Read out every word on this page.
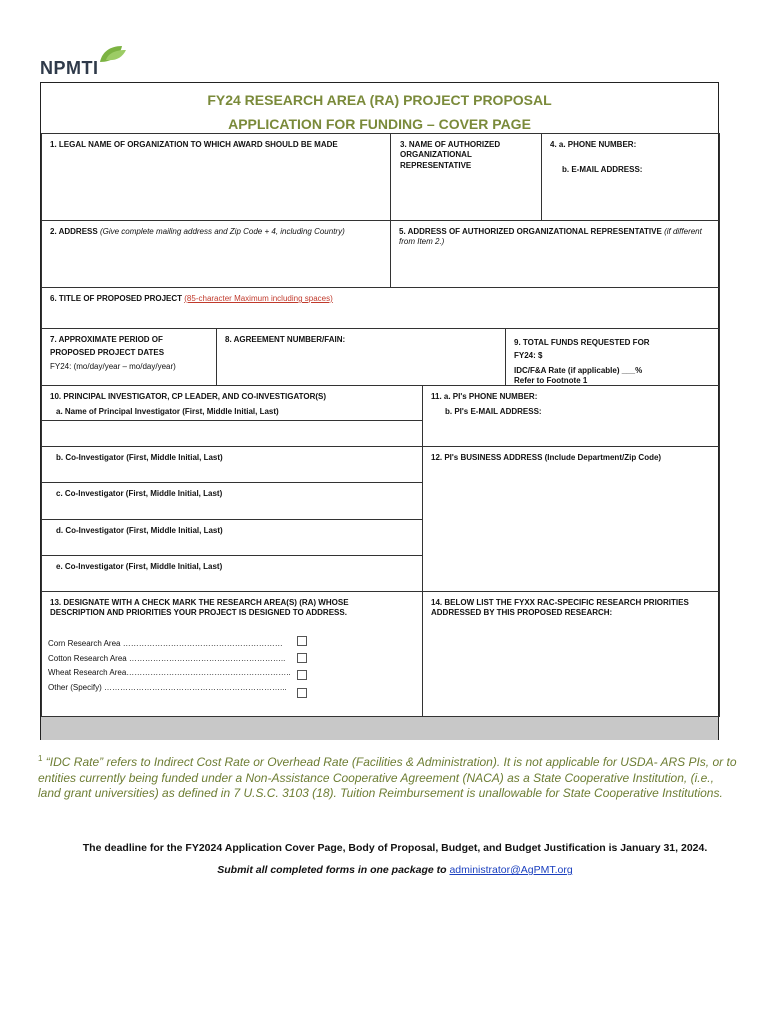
NPMTI
FY24 RESEARCH AREA (RA) PROJECT PROPOSAL
APPLICATION FOR FUNDING – COVER PAGE
1. LEGAL NAME OF ORGANIZATION TO WHICH AWARD SHOULD BE MADE	3. NAME OF AUTHORIZED ORGANIZATIONAL REPRESENTATIVE
4. a. PHONE NUMBER:
b. E-MAIL ADDRESS:
2. ADDRESS (Give complete mailing address and Zip Code + 4, including Country)	5. ADDRESS OF AUTHORIZED ORGANIZATIONAL REPRESENTATIVE (if different from Item 2.)
6. TITLE OF PROPOSED PROJECT (85-character Maximum including spaces)
7. APPROXIMATE PERIOD OF
PROPOSED PROJECT DATES
FY24: (mo/day/year – mo/day/year)
8. AGREEMENT NUMBER/FAIN:	9. TOTAL FUNDS REQUESTED FOR
FY24: $
IDC/F&A Rate (if applicable) ___%
Refer to Footnote 1
10. PRINCIPAL INVESTIGATOR, CP LEADER, AND CO-INVESTIGATOR(S)
a. Name of Principal Investigator (First, Middle Initial, Last)
11. a. PI's PHONE NUMBER:
b. PI's E-MAIL ADDRESS:
b. Co-Investigator (First, Middle Initial, Last)
c. Co-Investigator (First, Middle Initial, Last)
d. Co-Investigator (First, Middle Initial, Last)
e. Co-Investigator (First, Middle Initial, Last)
12. PI's BUSINESS ADDRESS (Include Department/Zip Code)
13. DESIGNATE WITH A CHECK MARK THE RESEARCH AREA(S) (RA) WHOSE
DESCRIPTION AND PRIORITIES YOUR PROJECT IS DESIGNED TO ADDRESS.
Corn Research Area ……………………………………………………
Cotton Research Area …………………………………………………..
Wheat Research Area……………………………………………………..
Other (Specify) …………………………………………………………...
14. BELOW LIST THE FYXX RAC-SPECIFIC RESEARCH PRIORITIES
ADDRESSED BY THIS PROPOSED RESEARCH:
$^1$ “IDC Rate” refers to Indirect Cost Rate or Overhead Rate (Facilities & Administration). It is not applicable for USDA- ARS PIs, or to entities currently being funded under a Non-Assistance Cooperative Agreement (NACA) as a State Cooperative Institution, (i.e., land grant universities) as defined in 7 U.S.C. 3103 (18). Tuition Reimbursement is unallowable for State Cooperative Institutions.
The deadline for the FY2024 Application Cover Page, Body of Proposal, Budget, and Budget Justification is January 31, 2024.
Submit all completed forms in one package to administrator@AgPMT.org
